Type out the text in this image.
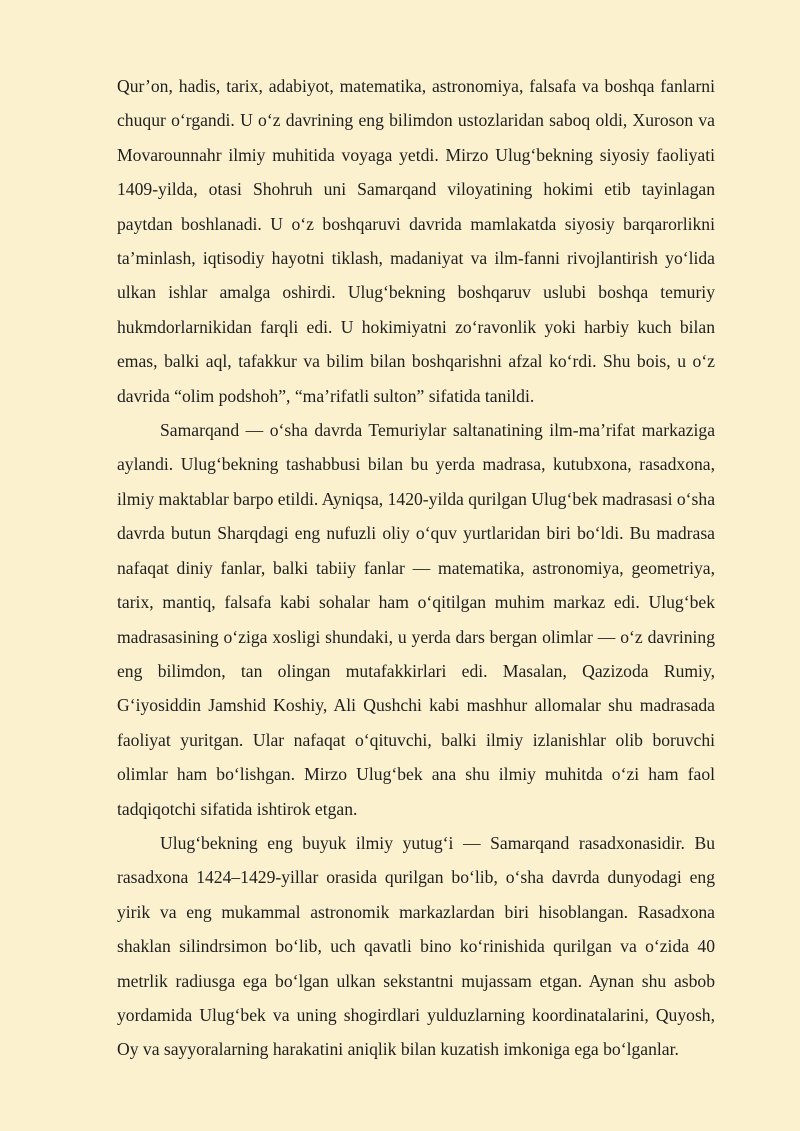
Qur’on, hadis, tarix, adabiyot, matematika, astronomiya, falsafa va boshqa fanlarni chuqur o‘rgandi. U o‘z davrining eng bilimdon ustozlaridan saboq oldi, Xuroson va Movarounnahr ilmiy muhitida voyaga yetdi. Mirzo Ulug‘bekning siyosiy faoliyati 1409-yilda, otasi Shohruh uni Samarqand viloyatining hokimi etib tayinlagan paytdan boshlanadi. U o‘z boshqaruvi davrida mamlakatda siyosiy barqarorlikni ta’minlash, iqtisodiy hayotni tiklash, madaniyat va ilm-fanni rivojlantirish yo‘lida ulkan ishlar amalga oshirdi. Ulug‘bekning boshqaruv uslubi boshqa temuriy hukmdorlarnikidan farqli edi. U hokimiyatni zo‘ravonlik yoki harbiy kuch bilan emas, balki aql, tafakkur va bilim bilan boshqarishni afzal ko‘rdi. Shu bois, u o‘z davrida “olim podshoh”, “ma’rifatli sulton” sifatida tanildi.

Samarqand — o‘sha davrda Temuriylar saltanatining ilm-ma’rifat markaziga aylandi. Ulug‘bekning tashabbusi bilan bu yerda madrasa, kutubxona, rasadxona, ilmiy maktablar barpo etildi. Ayniqsa, 1420-yilda qurilgan Ulug‘bek madrasasi o‘sha davrda butun Sharqdagi eng nufuzli oliy o‘quv yurtlaridan biri bo‘ldi. Bu madrasa nafaqat diniy fanlar, balki tabiiy fanlar — matematika, astronomiya, geometriya, tarix, mantiq, falsafa kabi sohalar ham o‘qitilgan muhim markaz edi. Ulug‘bek madrasasining o‘ziga xosligi shundaki, u yerda dars bergan olimlar — o‘z davrining eng bilimdon, tan olingan mutafakkirlari edi. Masalan, Qazizoda Rumiy, G‘iyosiddin Jamshid Koshiy, Ali Qushchi kabi mashhur allomalar shu madrasada faoliyat yuritgan. Ular nafaqat o‘qituvchi, balki ilmiy izlanishlar olib boruvchi olimlar ham bo‘lishgan. Mirzo Ulug‘bek ana shu ilmiy muhitda o‘zi ham faol tadqiqotchi sifatida ishtirok etgan.

Ulug‘bekning eng buyuk ilmiy yutug‘i — Samarqand rasadxonasidir. Bu rasadxona 1424–1429-yillar orasida qurilgan bo‘lib, o‘sha davrda dunyodagi eng yirik va eng mukammal astronomik markazlardan biri hisoblangan. Rasadxona shaklan silindrsimon bo‘lib, uch qavatli bino ko‘rinishida qurilgan va o‘zida 40 metrlik radiusga ega bo‘lgan ulkan sekstantni mujassam etgan. Aynan shu asbob yordamida Ulug‘bek va uning shogirdlari yulduzlarning koordinatalarini, Quyosh, Oy va sayyoralarning harakatini aniqlik bilan kuzatish imkoniga ega bo‘lganlar.
